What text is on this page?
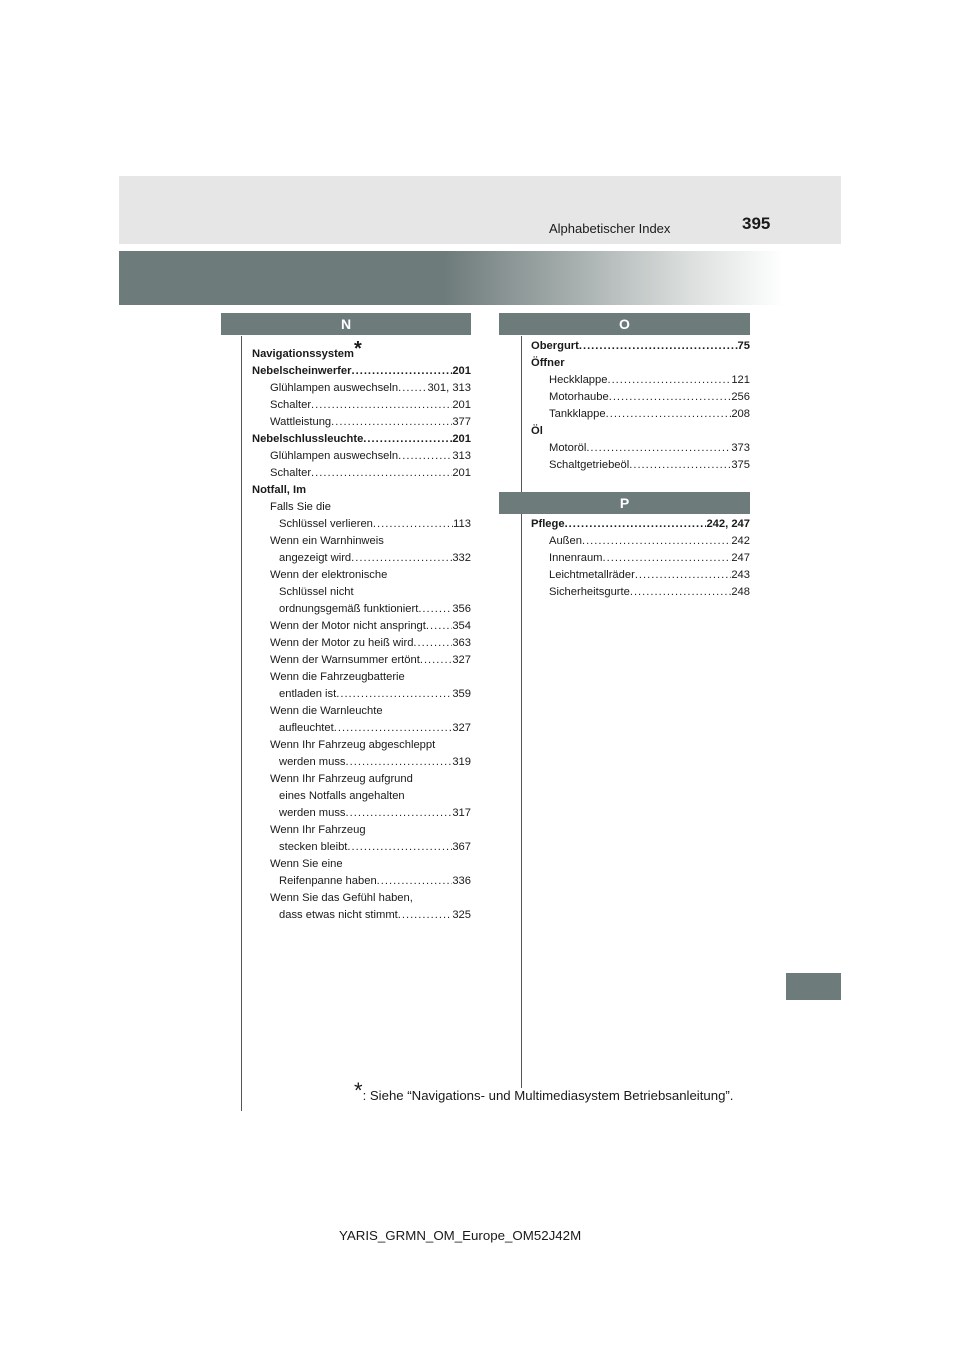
Alphabetischer Index	395
N	O
P
Navigationssystem*
Nebelscheinwerfer .....	201
Glühlampen auswechseln .....	301, 313
Schalter .....	201
Wattleistung .....	377
Nebelschlussleuchte .....	201
Glühlampen auswechseln .....	313
Schalter .....	201
Notfall, Im
Falls Sie die
Schlüssel verlieren .....	113
Wenn ein Warnhinweis
angezeigt wird .....	332
Wenn der elektronische
Schlüssel nicht
ordnungsgemäß funktioniert .....	356
Wenn der Motor nicht anspringt ..... 354
Wenn der Motor zu heiß wird .....	363
Wenn der Warnsummer ertönt .....	327
Wenn die Fahrzeugbatterie
entladen ist .....	359
Wenn die Warnleuchte
aufleuchtet .....	327
Wenn Ihr Fahrzeug abgeschleppt
werden muss .....	319
Wenn Ihr Fahrzeug aufgrund
eines Notfalls angehalten
werden muss .....	317
Wenn Ihr Fahrzeug
stecken bleibt .....	367
Wenn Sie eine
Reifenpanne haben .....	336
Wenn Sie das Gefühl haben,
dass etwas nicht stimmt .....	325
Obergurt .....	75
Öffner
Heckklappe .....	121
Motorhaube .....	256
Tankklappe .....	208
Öl
Motoröl .....	373
Schaltgetriebeöl .....	375
Pflege .....	242, 247
Außen .....	242
Innenraum .....	247
Leichtmetallräder .....	243
Sicherheitsgurte .....	248
*: Siehe “Navigations- und Multimediasystem Betriebsanleitung”.
YARIS_GRMN_OM_Europe_OM52J42M
